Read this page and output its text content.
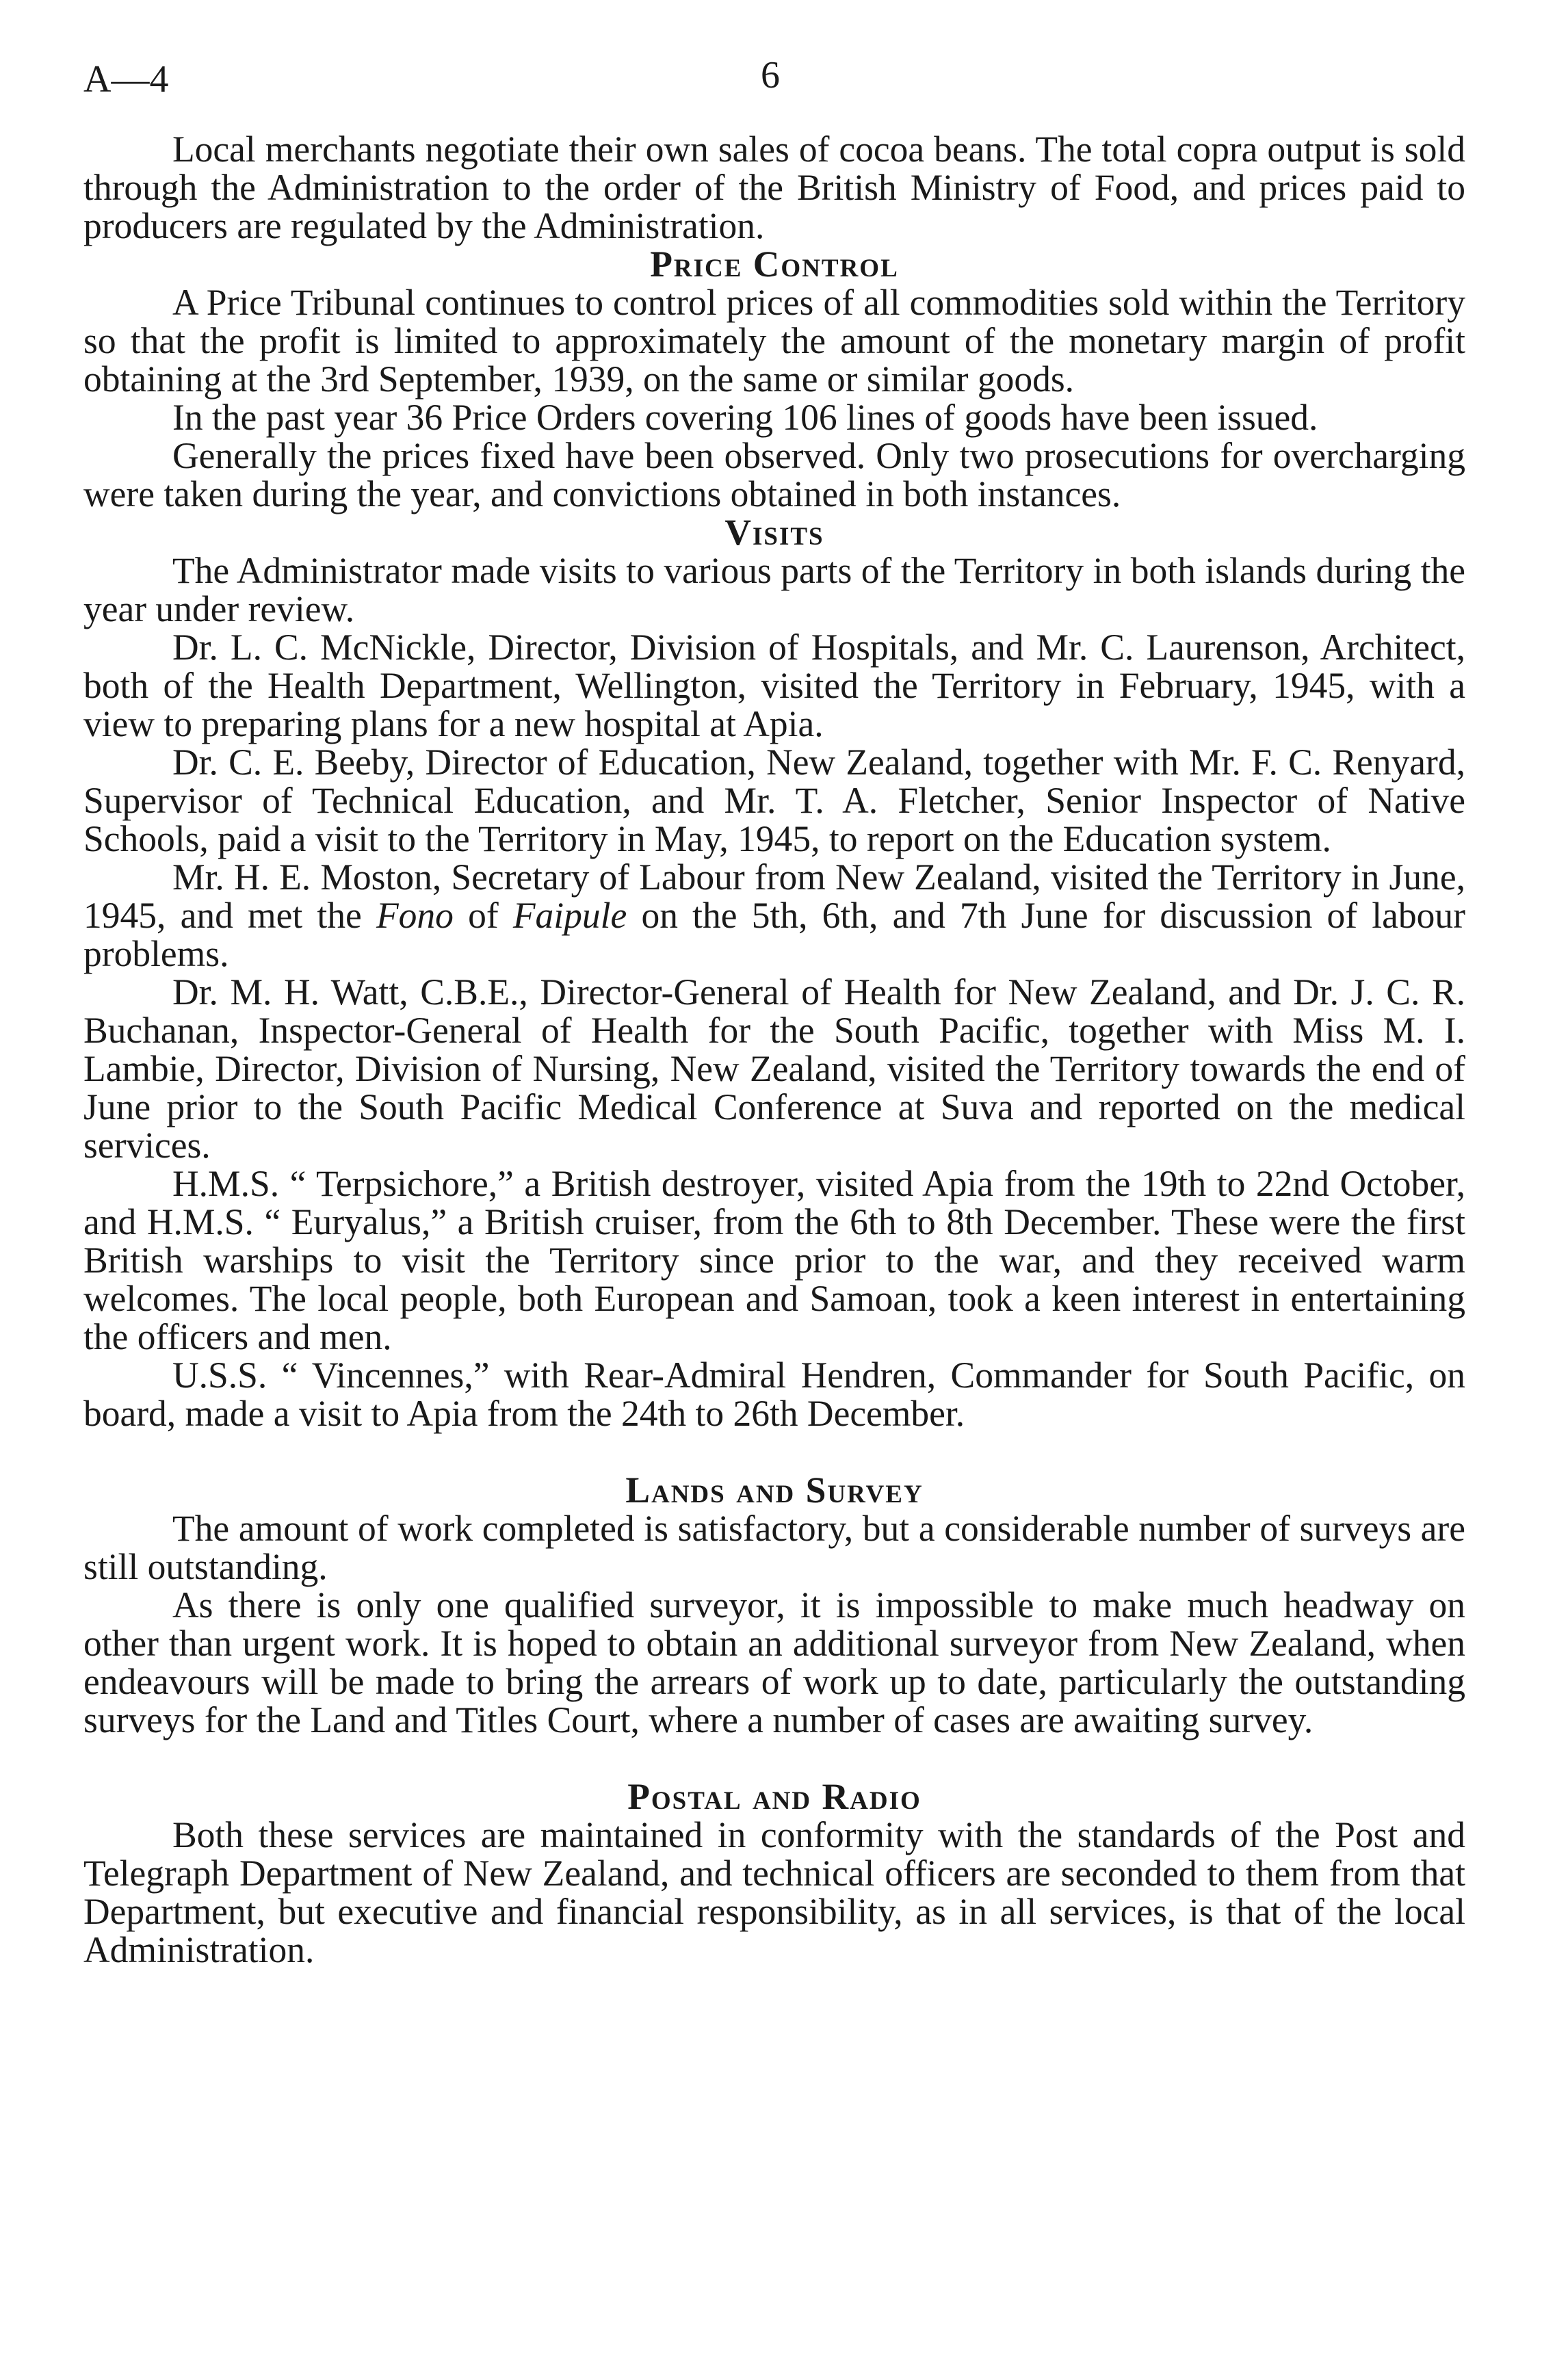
A—4	6

Local merchants negotiate their own sales of cocoa beans. The total copra output is sold through the Administration to the order of the British Ministry of Food, and prices paid to producers are regulated by the Administration.

Price Control

A Price Tribunal continues to control prices of all commodities sold within the Territory so that the profit is limited to approximately the amount of the monetary margin of profit obtaining at the 3rd September, 1939, on the same or similar goods.

In the past year 36 Price Orders covering 106 lines of goods have been issued.

Generally the prices fixed have been observed. Only two prosecutions for overcharging were taken during the year, and convictions obtained in both instances.

Visits

The Administrator made visits to various parts of the Territory in both islands during the year under review.

Dr. L. C. McNickle, Director, Division of Hospitals, and Mr. C. Laurenson, Architect, both of the Health Department, Wellington, visited the Territory in February, 1945, with a view to preparing plans for a new hospital at Apia.

Dr. C. E. Beeby, Director of Education, New Zealand, together with Mr. F. C. Renyard, Supervisor of Technical Education, and Mr. T. A. Fletcher, Senior Inspector of Native Schools, paid a visit to the Territory in May, 1945, to report on the Education system.

Mr. H. E. Moston, Secretary of Labour from New Zealand, visited the Territory in June, 1945, and met the Fono of Faipule on the 5th, 6th, and 7th June for discussion of labour problems.

Dr. M. H. Watt, C.B.E., Director-General of Health for New Zealand, and Dr. J. C. R. Buchanan, Inspector-General of Health for the South Pacific, together with Miss M. I. Lambie, Director, Division of Nursing, New Zealand, visited the Territory towards the end of June prior to the South Pacific Medical Conference at Suva and reported on the medical services.

H.M.S. “ Terpsichore,” a British destroyer, visited Apia from the 19th to 22nd October, and H.M.S. “ Euryalus,” a British cruiser, from the 6th to 8th December. These were the first British warships to visit the Territory since prior to the war, and they received warm welcomes. The local people, both European and Samoan, took a keen interest in entertaining the officers and men.

U.S.S. “ Vincennes,” with Rear-Admiral Hendren, Commander for South Pacific, on board, made a visit to Apia from the 24th to 26th December.

Lands and Survey

The amount of work completed is satisfactory, but a considerable number of surveys are still outstanding.

As there is only one qualified surveyor, it is impossible to make much headway on other than urgent work. It is hoped to obtain an additional surveyor from New Zealand, when endeavours will be made to bring the arrears of work up to date, particularly the outstanding surveys for the Land and Titles Court, where a number of cases are awaiting survey.

Postal and Radio

Both these services are maintained in conformity with the standards of the Post and Telegraph Department of New Zealand, and technical officers are seconded to them from that Department, but executive and financial responsibility, as in all services, is that of the local Administration.
